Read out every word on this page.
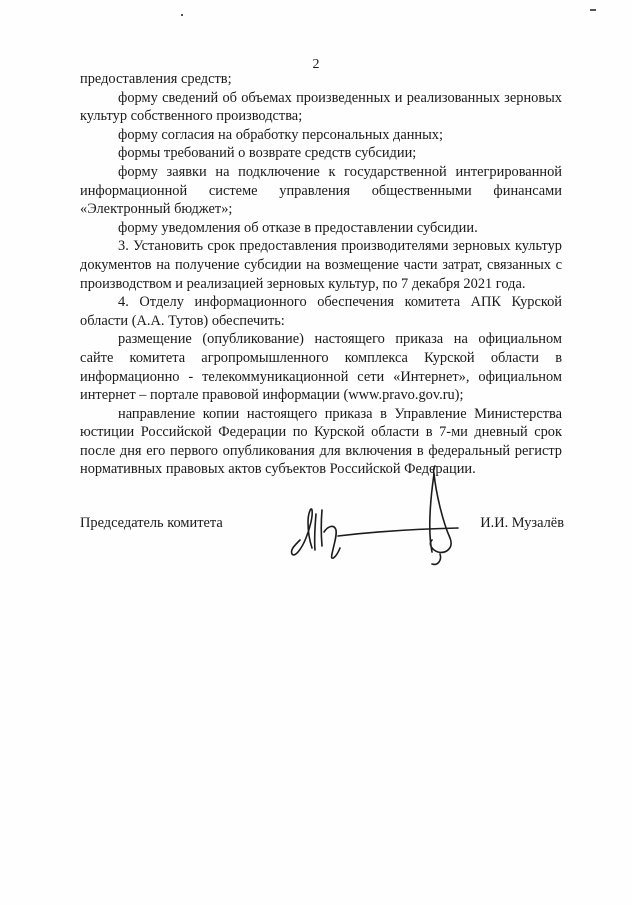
2

предоставления средств;

форму сведений об объемах произведенных и реализованных зерновых культур собственного производства;

форму согласия на обработку персональных данных;

формы требований о возврате средств субсидии;

форму заявки на подключение к государственной интегрированной информационной системе управления общественными финансами «Электронный бюджет»;

форму уведомления об отказе в предоставлении субсидии.

3. Установить срок предоставления производителями зерновых культур документов на получение субсидии на возмещение части затрат, связанных с производством и реализацией зерновых культур, по 7 декабря 2021 года.

4. Отделу информационного обеспечения комитета АПК Курской области (А.А. Тутов) обеспечить:

размещение (опубликование) настоящего приказа на официальном сайте комитета агропромышленного комплекса Курской области в информационно - телекоммуникационной сети «Интернет», официальном интернет – портале правовой информации (www.pravo.gov.ru);

направление копии настоящего приказа в Управление Министерства юстиции Российской Федерации по Курской области в 7-ми дневный срок после дня его первого опубликования для включения в федеральный регистр нормативных правовых актов субъектов Российской Федерации.

Председатель комитета	И.И. Музалёв
